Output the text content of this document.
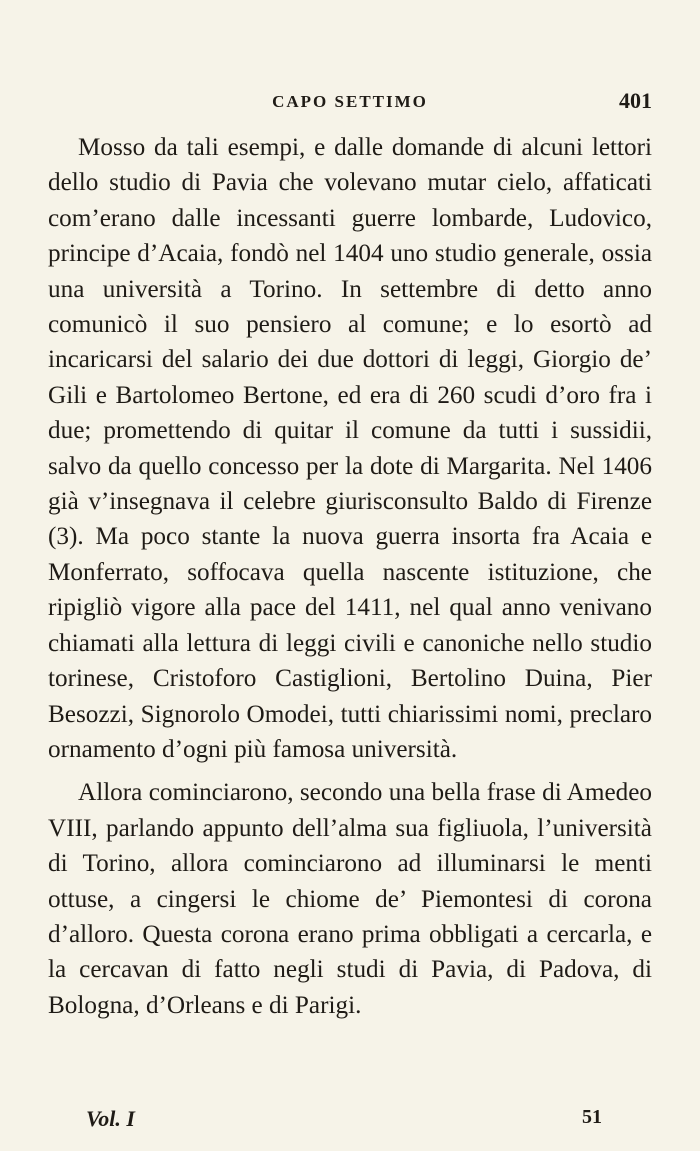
CAPO SETTIMO	401

Mosso da tali esempi, e dalle domande di alcuni lettori dello studio di Pavia che volevano mutar cielo, affaticati com’erano dalle incessanti guerre lombarde, Ludovico, principe d’Acaia, fondò nel 1404 uno studio generale, ossia una università a Torino. In settembre di detto anno comunicò il suo pensiero al comune; e lo esortò ad incaricarsi del salario dei due dottori di leggi, Giorgio de’ Gili e Bartolomeo Bertone, ed era di 260 scudi d’oro fra i due; promettendo di quitar il comune da tutti i sussidii, salvo da quello concesso per la dote di Margarita. Nel 1406 già v’insegnava il celebre giurisconsulto Baldo di Firenze (3). Ma poco stante la nuova guerra insorta fra Acaia e Monferrato, soffocava quella nascente istituzione, che ripigliò vigore alla pace del 1411, nel qual anno venivano chiamati alla lettura di leggi civili e canoniche nello studio torinese, Cristoforo Castiglioni, Bertolino Duina, Pier Besozzi, Signorolo Omodei, tutti chiarissimi nomi, preclaro ornamento d’ogni più famosa università.

Allora cominciarono, secondo una bella frase di Amedeo VIII, parlando appunto dell’alma sua figliuola, l’università di Torino, allora cominciarono ad illuminarsi le menti ottuse, a cingersi le chiome de’ Piemontesi di corona d’alloro. Questa corona erano prima obbligati a cercarla, e la cercavan di fatto negli studi di Pavia, di Padova, di Bologna, d’Orleans e di Parigi.

Vol. I	51
